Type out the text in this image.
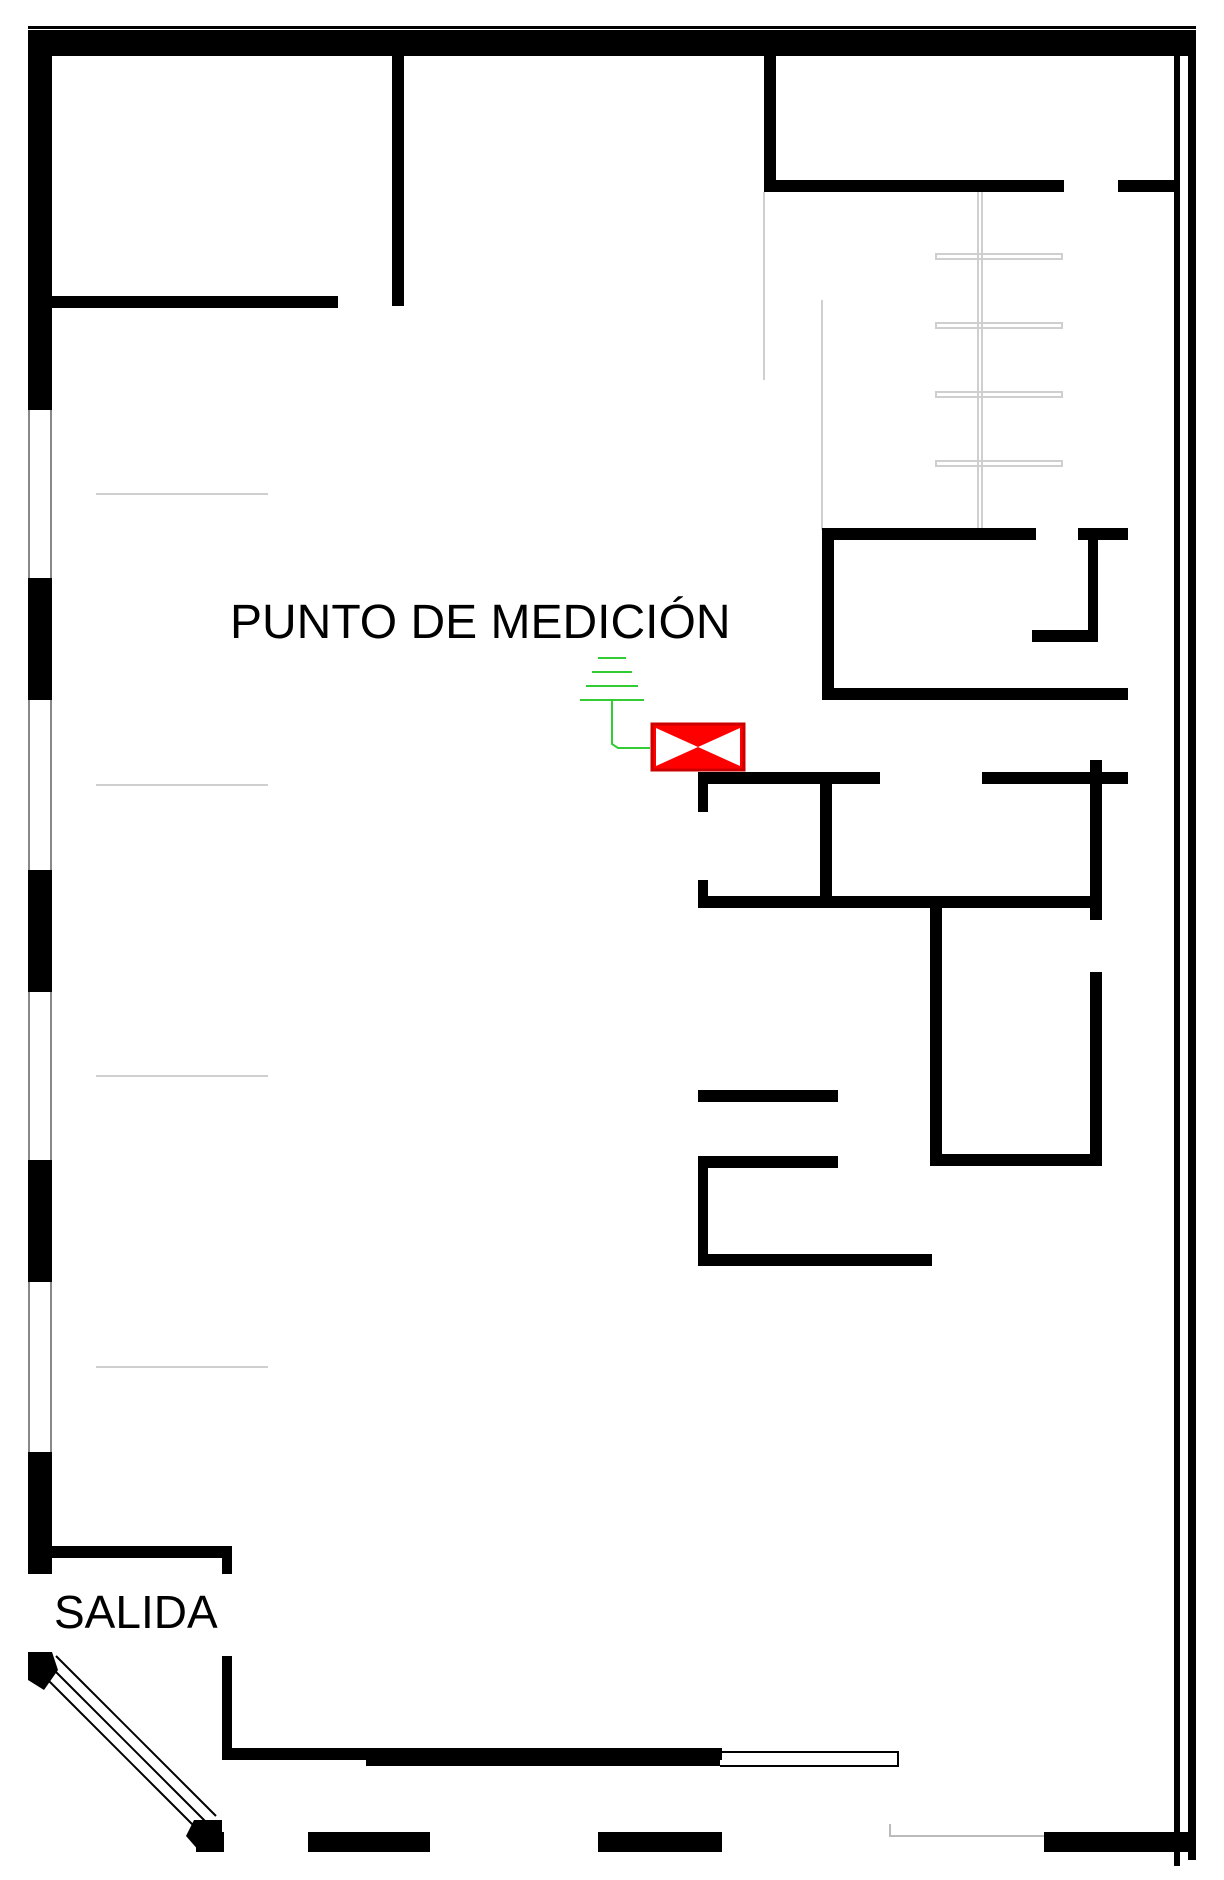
PUNTO DE MEDICIÓN
SALIDA
